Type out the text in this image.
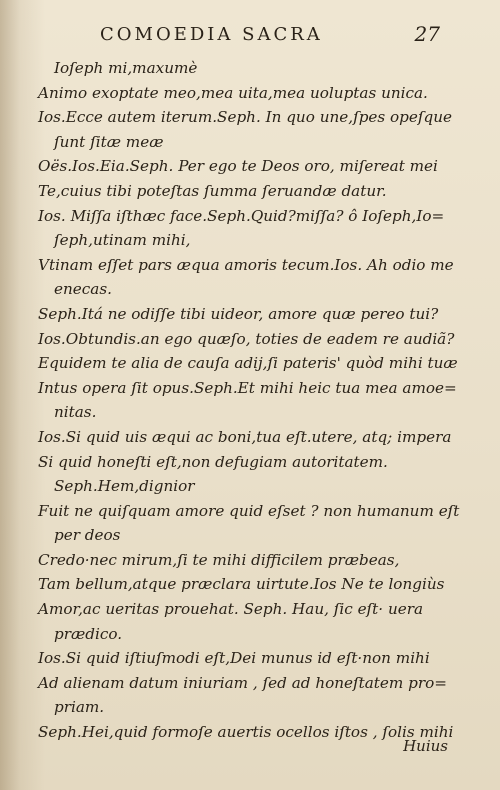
COMOEDIA SACRA	27
Ioſeph mi,maxumè
Animo exoptate meo,mea uita,mea uoluptas unica.
Ios.Ecce autem iterum.Seph. In quo une,ſpes opeſque
ſunt ſitæ meæ
Oës.Ios.Eia.Seph. Per ego te Deos oro, miſereat mei
Te,cuius tibi poteſtas ſumma ſeruandæ datur.
Ios. Miſſa iſthæc face.Seph.Quid?miſſa? ô Ioſeph,Io=
ſeph,utinam mihi,
Vtinam eſſet pars æqua amoris tecum.Ios. Ah odio me
enecas.
Seph.Itá ne odiſſe tibi uideor, amore quæ pereo tui?
Ios.Obtundis.an ego quæſo, toties de eadem re audiã?
Equidem te alia de cauſa adij,ſi pateris' quòd mihi tuæ
Intus opera ſit opus.Seph.Et mihi heic tua mea amoe=
nitas.
Ios.Si quid uis æqui ac boni,tua eſt.utere, atq; impera
Si quid honeſti eſt,non defugiam autoritatem.
Seph.Hem,dignior
Fuit ne quiſquam amore quid eſset ? non humanum eſt
per deos
Credo·nec mirum,ſi te mihi difficilem præbeas,
Tam bellum,atque præclara uirtute.Ios Ne te longiùs
Amor,ac ueritas prouehat. Seph. Hau, ſic eſt· uera
prædico.
Ios.Si quid iſtiuſmodi eſt,Dei munus id eſt·non mihi
Ad alienam datum iniuriam , ſed ad honeſtatem pro=
priam.
Seph.Hei,quid formoſe auertis ocellos iſtos , ſolis mihi
Huius
